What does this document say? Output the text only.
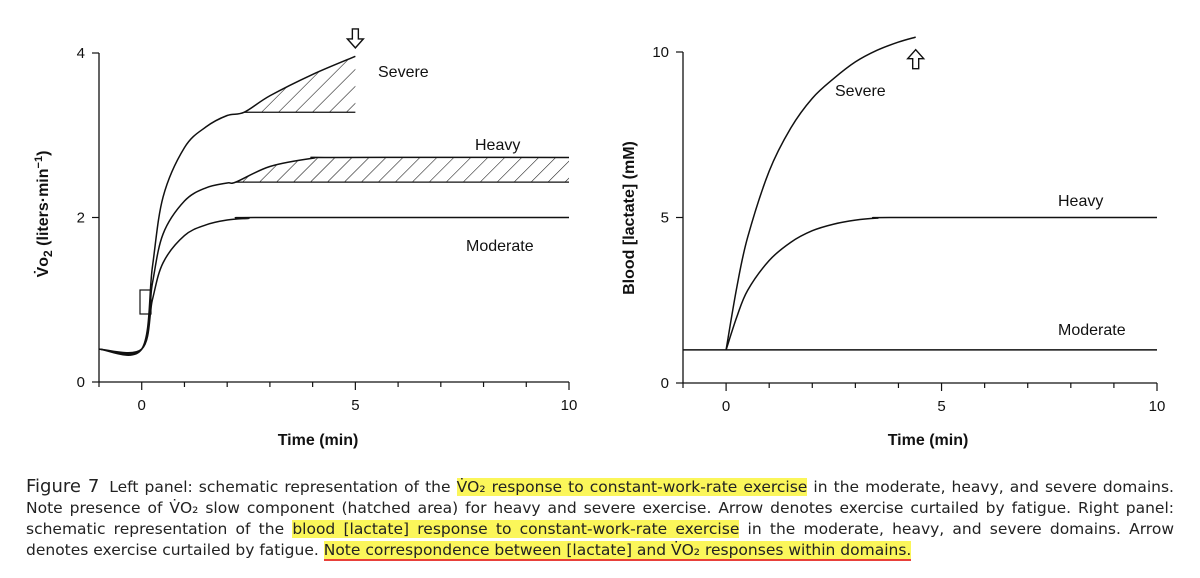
0	5	10
0
2
4
Severe
Heavy
Moderate
Time (min)
$V̇o_2$ $(liters\cdot\min^{-1})$
0	5	10
0
5
10
Severe
Heavy
Moderate
Time (min)
Blood [lactate] (mM)
Figure 7 Left panel: schematic representation of the V̇O₂ response to constant-work-rate exercise in the moderate, heavy, and severe domains. Note presence of V̇O₂ slow component (hatched area) for heavy and severe exercise. Arrow denotes exercise curtailed by fatigue. Right panel: schematic representation of the blood [lactate] response to constant-work-rate exercise in the moderate, heavy, and severe domains. Arrow denotes exercise curtailed by fatigue. Note correspondence between [lactate] and V̇O₂ responses within domains.
